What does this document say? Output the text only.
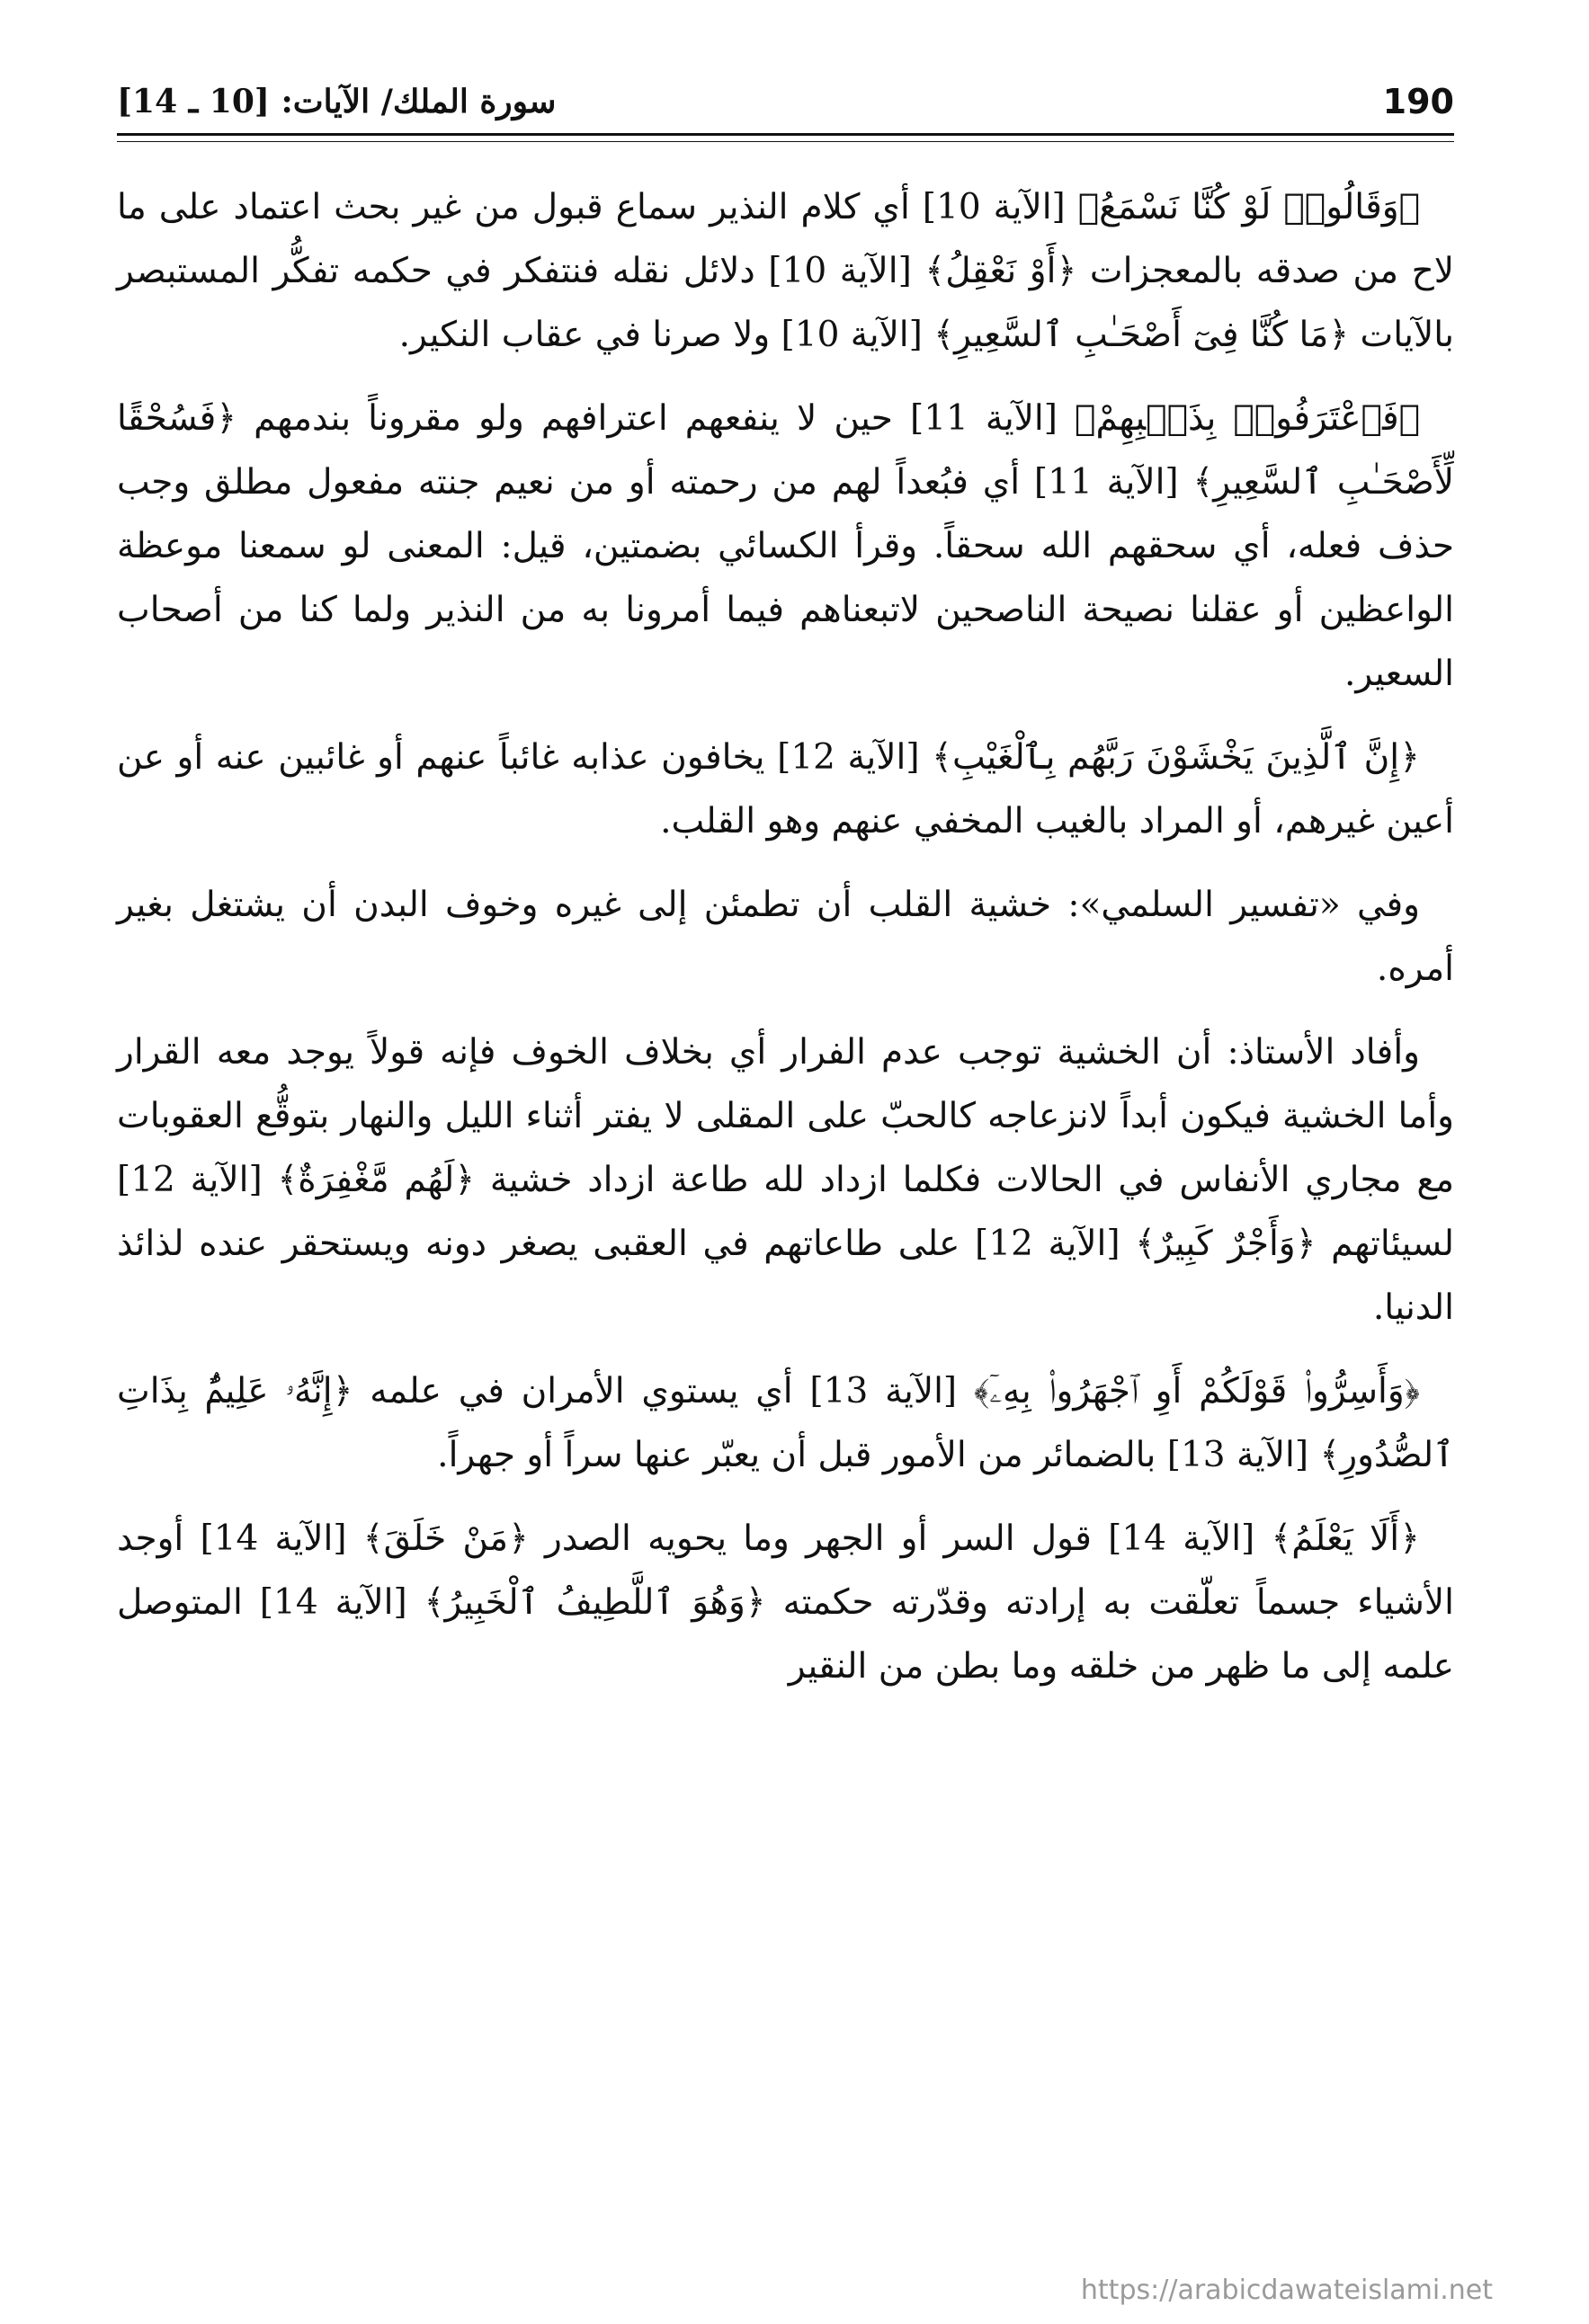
190
سورة الملك/ الآيات: [10 ـ 14]

﴿وَقَالُوا۟ لَوْ كُنَّا نَسْمَعُ﴾ [الآية 10] أي كلام النذير سماع قبول من غير بحث اعتماد على ما لاح من صدقه بالمعجزات ﴿أَوْ نَعْقِلُ﴾ [الآية 10] دلائل نقله فنتفكر في حكمه تفكُّر المستبصر بالآيات ﴿مَا كُنَّا فِىٓ أَصْحَـٰبِ ٱلسَّعِيرِ﴾ [الآية 10] ولا صرنا في عقاب النكير.

﴿فَٱعْتَرَفُوا۟ بِذَنۢبِهِمْ﴾ [الآية 11] حين لا ينفعهم اعترافهم ولو مقروناً بندمهم ﴿فَسُحْقًا لِّأَصْحَـٰبِ ٱلسَّعِيرِ﴾ [الآية 11] أي فبُعداً لهم من رحمته أو من نعيم جنته مفعول مطلق وجب حذف فعله، أي سحقهم الله سحقاً. وقرأ الكسائي بضمتين، قيل: المعنى لو سمعنا موعظة الواعظين أو عقلنا نصيحة الناصحين لاتبعناهم فيما أمرونا به من النذير ولما كنا من أصحاب السعير.

﴿إِنَّ ٱلَّذِينَ يَخْشَوْنَ رَبَّهُم بِٱلْغَيْبِ﴾ [الآية 12] يخافون عذابه غائباً عنهم أو غائبين عنه أو عن أعين غيرهم، أو المراد بالغيب المخفي عنهم وهو القلب.

وفي «تفسير السلمي»: خشية القلب أن تطمئن إلى غيره وخوف البدن أن يشتغل بغير أمره.

وأفاد الأستاذ: أن الخشية توجب عدم الفرار أي بخلاف الخوف فإنه قولاً يوجد معه القرار وأما الخشية فيكون أبداً لانزعاجه كالحبّ على المقلى لا يفتر أثناء الليل والنهار بتوقُّع العقوبات مع مجاري الأنفاس في الحالات فكلما ازداد لله طاعة ازداد خشية ﴿لَهُم مَّغْفِرَةٌ﴾ [الآية 12] لسيئاتهم ﴿وَأَجْرٌ كَبِيرٌ﴾ [الآية 12] على طاعاتهم في العقبى يصغر دونه ويستحقر عنده لذائذ الدنيا.

﴿وَأَسِرُّوا۟ قَوْلَكُمْ أَوِ ٱجْهَرُوا۟ بِهِۦٓ﴾ [الآية 13] أي يستوي الأمران في علمه ﴿إِنَّهُۥ عَلِيمٌۢ بِذَاتِ ٱلصُّدُورِ﴾ [الآية 13] بالضمائر من الأمور قبل أن يعبّر عنها سراً أو جهراً.

﴿أَلَا يَعْلَمُ﴾ [الآية 14] قول السر أو الجهر وما يحويه الصدر ﴿مَنْ خَلَقَ﴾ [الآية 14] أوجد الأشياء جسماً تعلّقت به إرادته وقدّرته حكمته ﴿وَهُوَ ٱللَّطِيفُ ٱلْخَبِيرُ﴾ [الآية 14] المتوصل علمه إلى ما ظهر من خلقه وما بطن من النقير

https://arabicdawateislami.net
